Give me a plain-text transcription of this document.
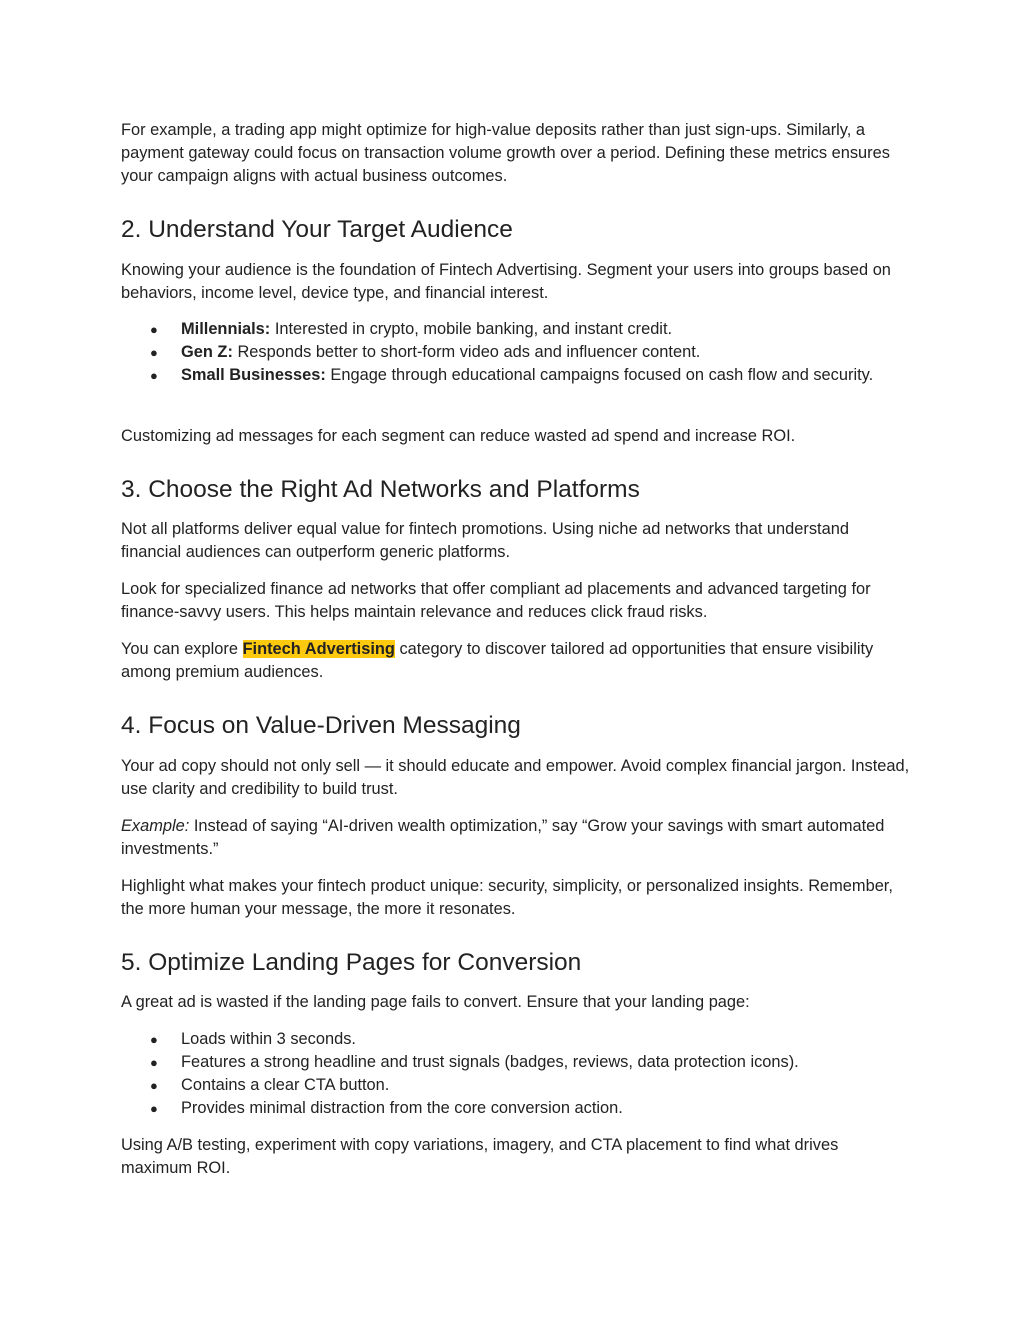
For example, a trading app might optimize for high-value deposits rather than just sign-ups. Similarly, a payment gateway could focus on transaction volume growth over a period. Defining these metrics ensures your campaign aligns with actual business outcomes.

2. Understand Your Target Audience

Knowing your audience is the foundation of Fintech Advertising. Segment your users into groups based on behaviors, income level, device type, and financial interest.

● Millennials: Interested in crypto, mobile banking, and instant credit.
● Gen Z: Responds better to short-form video ads and influencer content.
● Small Businesses: Engage through educational campaigns focused on cash flow and security.

Customizing ad messages for each segment can reduce wasted ad spend and increase ROI.

3. Choose the Right Ad Networks and Platforms

Not all platforms deliver equal value for fintech promotions. Using niche ad networks that understand financial audiences can outperform generic platforms.

Look for specialized finance ad networks that offer compliant ad placements and advanced targeting for finance-savvy users. This helps maintain relevance and reduces click fraud risks.

You can explore Fintech Advertising category to discover tailored ad opportunities that ensure visibility among premium audiences.

4. Focus on Value-Driven Messaging

Your ad copy should not only sell — it should educate and empower. Avoid complex financial jargon. Instead, use clarity and credibility to build trust.

Example: Instead of saying “AI-driven wealth optimization,” say “Grow your savings with smart automated investments.”

Highlight what makes your fintech product unique: security, simplicity, or personalized insights. Remember, the more human your message, the more it resonates.

5. Optimize Landing Pages for Conversion

A great ad is wasted if the landing page fails to convert. Ensure that your landing page:

● Loads within 3 seconds.
● Features a strong headline and trust signals (badges, reviews, data protection icons).
● Contains a clear CTA button.
● Provides minimal distraction from the core conversion action.

Using A/B testing, experiment with copy variations, imagery, and CTA placement to find what drives maximum ROI.
